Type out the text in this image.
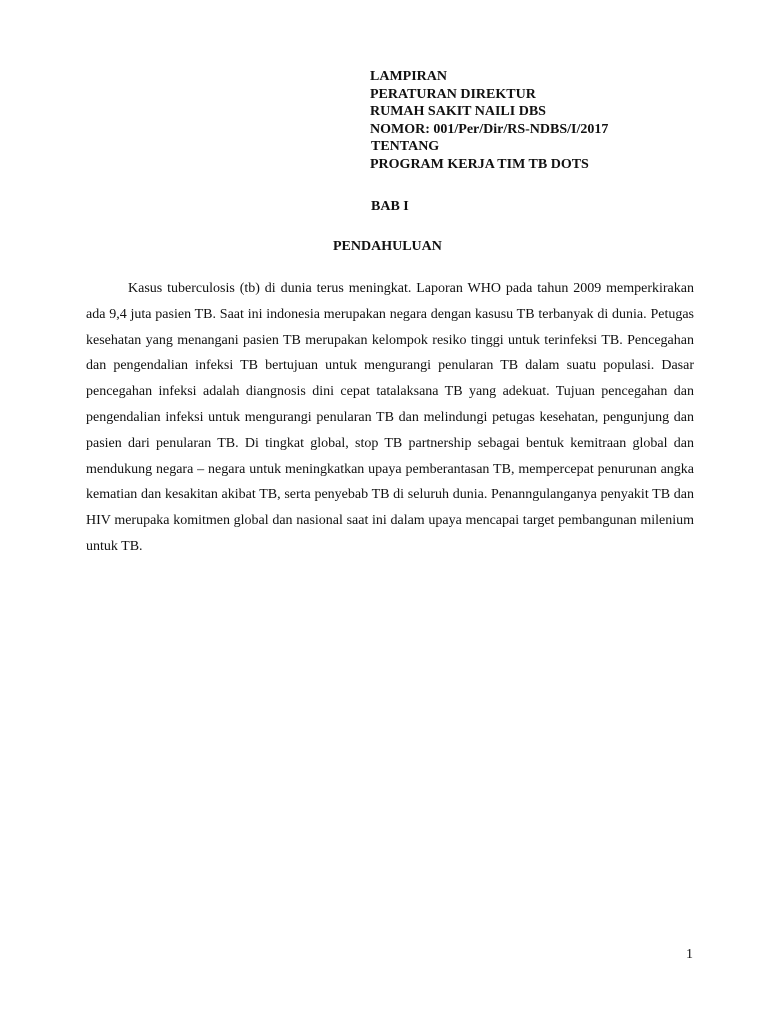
LAMPIRAN
PERATURAN DIREKTUR
RUMAH SAKIT NAILI DBS
NOMOR: 001/Per/Dir/RS-NDBS/I/2017
TENTANG
PROGRAM KERJA TIM TB DOTS
BAB I
PENDAHULUAN

Kasus tuberculosis (tb) di dunia terus meningkat. Laporan WHO pada tahun 2009 memperkirakan ada 9,4 juta pasien TB. Saat ini indonesia merupakan negara dengan kasusu TB terbanyak di dunia. Petugas kesehatan yang menangani pasien TB merupakan kelompok resiko tinggi untuk terinfeksi TB. Pencegahan dan pengendalian infeksi TB bertujuan untuk mengurangi penularan TB dalam suatu populasi. Dasar pencegahan infeksi adalah diangnosis dini cepat tatalaksana TB yang adekuat. Tujuan pencegahan dan pengendalian infeksi untuk mengurangi penularan TB dan melindungi petugas kesehatan, pengunjung dan pasien dari penularan TB. Di tingkat global, stop TB partnership sebagai bentuk kemitraan global dan mendukung negara – negara untuk meningkatkan upaya pemberantasan TB, mempercepat penurunan angka kematian dan kesakitan akibat TB, serta penyebab TB di seluruh dunia. Penanngulanganya penyakit TB dan HIV merupaka komitmen global dan nasional saat ini dalam upaya mencapai target pembangunan milenium untuk TB.

1
